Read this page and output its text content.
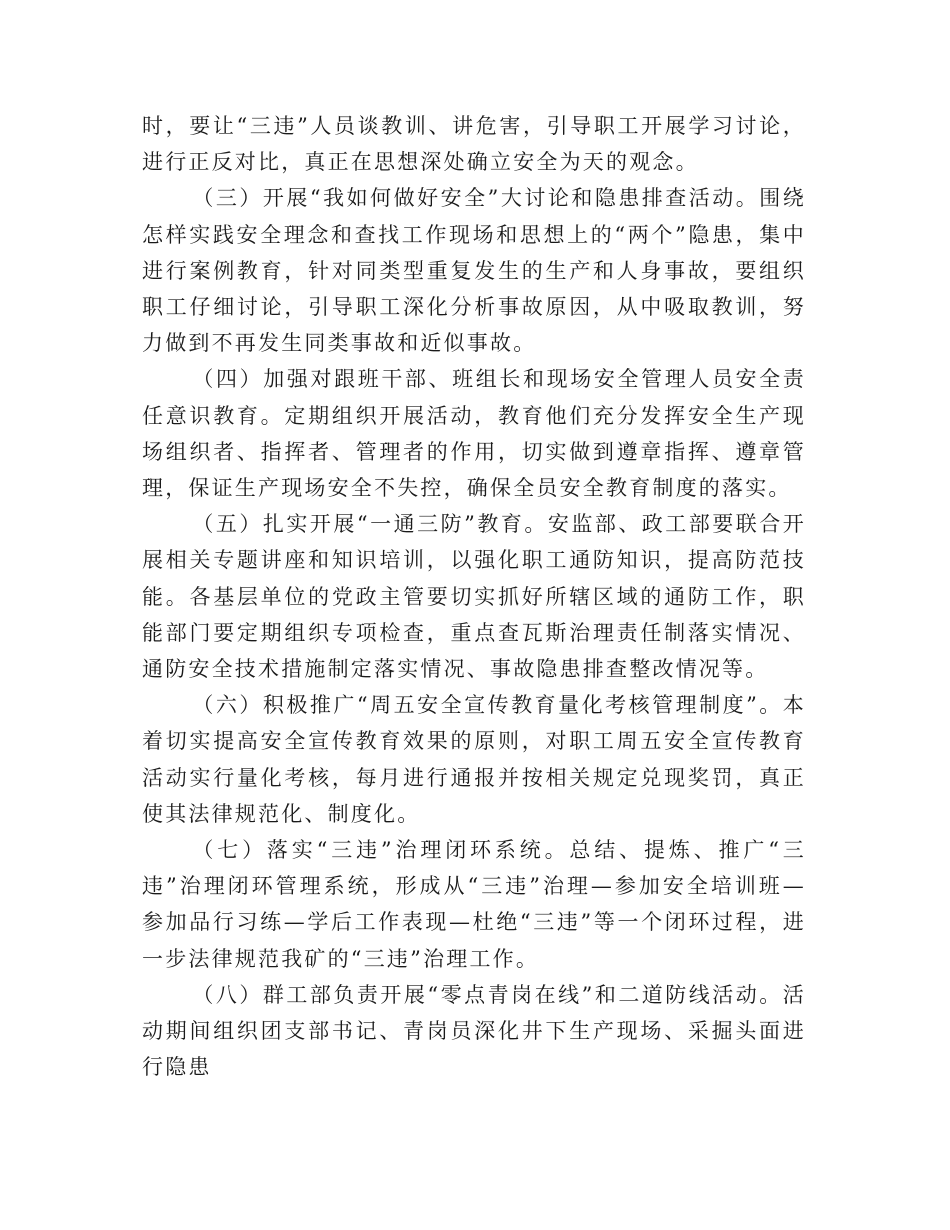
时，要让“三违”人员谈教训、讲危害，引导职工开展学习讨论，进行正反对比，真正在思想深处确立安全为天的观念。

（三）开展“我如何做好安全”大讨论和隐患排查活动。围绕怎样实践安全理念和查找工作现场和思想上的“两个”隐患，集中进行案例教育，针对同类型重复发生的生产和人身事故，要组织职工仔细讨论，引导职工深化分析事故原因，从中吸取教训，努力做到不再发生同类事故和近似事故。

（四）加强对跟班干部、班组长和现场安全管理人员安全责任意识教育。定期组织开展活动，教育他们充分发挥安全生产现场组织者、指挥者、管理者的作用，切实做到遵章指挥、遵章管理，保证生产现场安全不失控，确保全员安全教育制度的落实。

（五）扎实开展“一通三防”教育。安监部、政工部要联合开展相关专题讲座和知识培训，以强化职工通防知识，提高防范技能。各基层单位的党政主管要切实抓好所辖区域的通防工作，职能部门要定期组织专项检查，重点查瓦斯治理责任制落实情况、通防安全技术措施制定落实情况、事故隐患排查整改情况等。

（六）积极推广“周五安全宣传教育量化考核管理制度”。本着切实提高安全宣传教育效果的原则，对职工周五安全宣传教育活动实行量化考核，每月进行通报并按相关规定兑现奖罚，真正使其法律规范化、制度化。

（七）落实“三违”治理闭环系统。总结、提炼、推广“三违”治理闭环管理系统，形成从“三违”治理—参加安全培训班—参加品行习练—学后工作表现—杜绝“三违”等一个闭环过程，进一步法律规范我矿的“三违”治理工作。

（八）群工部负责开展“零点青岗在线”和二道防线活动。活动期间组织团支部书记、青岗员深化井下生产现场、采掘头面进行隐患
